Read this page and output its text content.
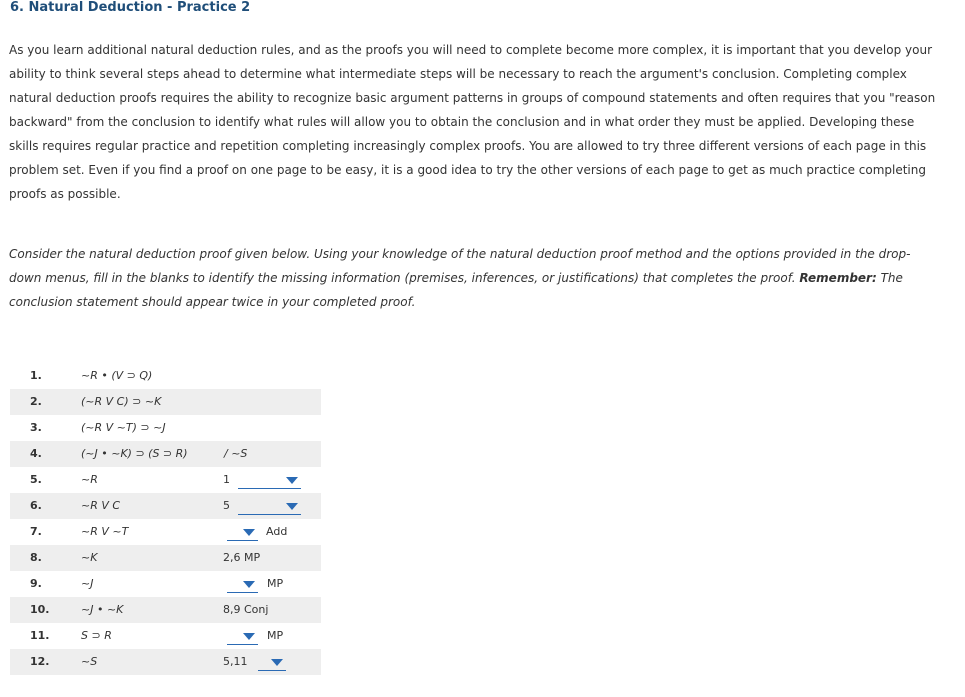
6. Natural Deduction - Practice 2
As you learn additional natural deduction rules, and as the proofs you will need to complete become more complex, it is important that you develop your ability to think several steps ahead to determine what intermediate steps will be necessary to reach the argument's conclusion. Completing complex natural deduction proofs requires the ability to recognize basic argument patterns in groups of compound statements and often requires that you "reason backward" from the conclusion to identify what rules will allow you to obtain the conclusion and in what order they must be applied. Developing these skills requires regular practice and repetition completing increasingly complex proofs. You are allowed to try three different versions of each page in this problem set. Even if you find a proof on one page to be easy, it is a good idea to try the other versions of each page to get as much practice completing proofs as possible.
Consider the natural deduction proof given below. Using your knowledge of the natural deduction proof method and the options provided in the drop-down menus, fill in the blanks to identify the missing information (premises, inferences, or justifications) that completes the proof. Remember: The conclusion statement should appear twice in your completed proof.
1.	~R • (V ⊃ Q)
2.	(~R V C) ⊃ ~K
3.	(~R V ~T) ⊃ ~J
4.	(~J • ~K) ⊃ (S ⊃ R)	/ ~S
5.	~R	1
6.	~R V C	5
7.	~R V ~T	Add
8.	~K	2,6 MP
9.	~J	MP
10.	~J • ~K	8,9 Conj
11.	S ⊃ R	MP
12.	~S	5,11
